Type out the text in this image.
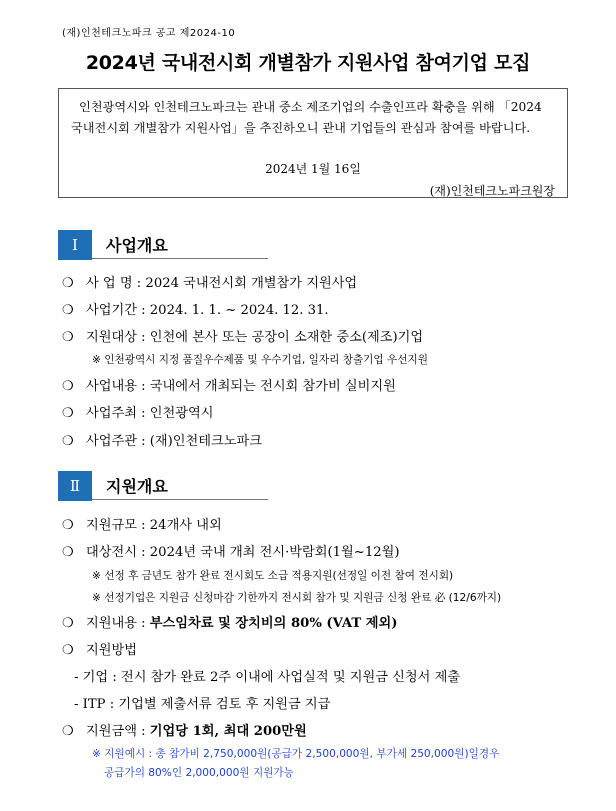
(재)인천테크노파크 공고 제2024-10
2024년 국내전시회 개별참가 지원사업 참여기업 모집

인천광역시와 인천테크노파크는 관내 중소 제조기업의 수출인프라 확충을 위해 「2024 국내전시회 개별참가 지원사업」을 추진하오니 관내 기업들의 관심과 참여를 바랍니다.

2024년 1월 16일
(재)인천테크노파크원장
Ⅰ	사업개요
❍ 사 업 명 : 2024 국내전시회 개별참가 지원사업
❍ 사업기간 : 2024. 1. 1. ~ 2024. 12. 31.
❍ 지원대상 : 인천에 본사 또는 공장이 소재한 중소(제조)기업
※ 인천광역시 지정 품질우수제품 및 우수기업, 일자리 창출기업 우선지원
❍ 사업내용 : 국내에서 개최되는 전시회 참가비 실비지원
❍ 사업주최 : 인천광역시
❍ 사업주관 : (재)인천테크노파크
Ⅱ	지원개요
❍ 지원규모 : 24개사 내외
❍ 대상전시 : 2024년 국내 개최 전시·박람회(1월~12월)
※ 선정 후 금년도 참가 완료 전시회도 소급 적용지원(선정일 이전 참여 전시회)
※ 선정기업은 지원금 신청마감 기한까지 전시회 참가 및 지원금 신청 완료 必 (12/6까지)
❍ 지원내용 : 부스임차료 및 장치비의 80% (VAT 제외)
❍ 지원방법
- 기업 : 전시 참가 완료 2주 이내에 사업실적 및 지원금 신청서 제출
- ITP : 기업별 제출서류 검토 후 지원금 지급
❍ 지원금액 : 기업당 1회, 최대 200만원
※ 지원예시 : 총 참가비 2,750,000원(공급가 2,500,000원, 부가세 250,000원)일경우
공급가의 80%인 2,000,000원 지원가능
